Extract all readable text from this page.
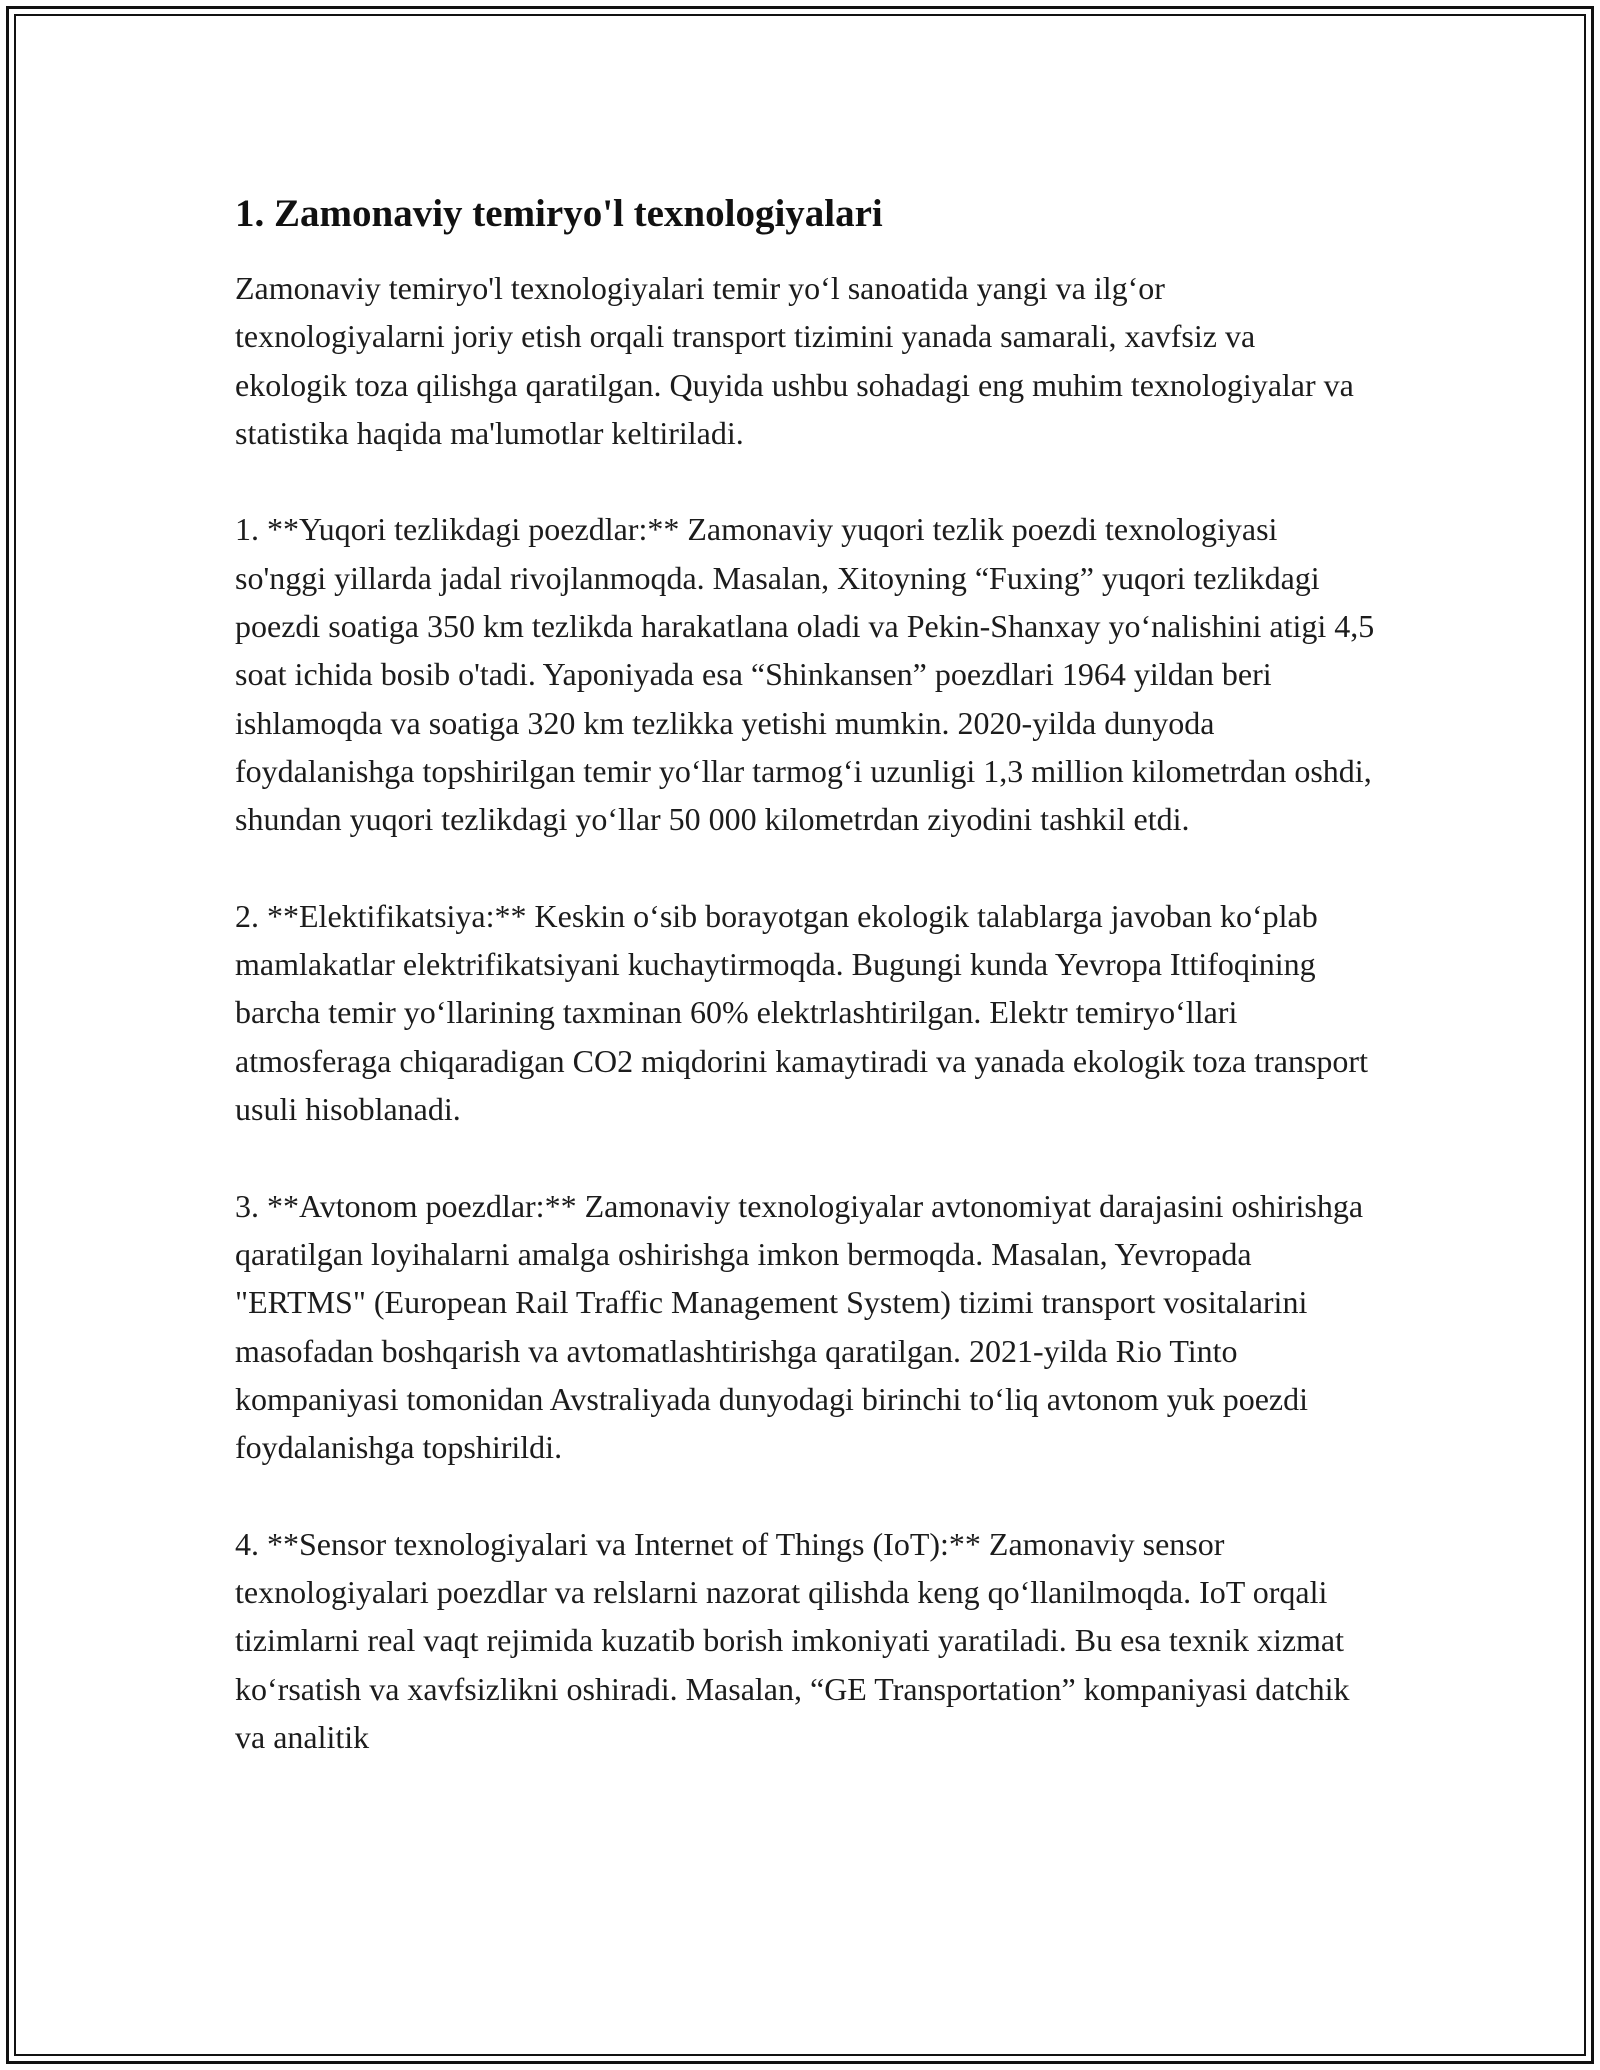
1. Zamonaviy temiryo'l texnologiyalari

Zamonaviy temiryo'l texnologiyalari temir yo‘l sanoatida yangi va ilg‘or texnologiyalarni joriy etish orqali transport tizimini yanada samarali, xavfsiz va ekologik toza qilishga qaratilgan. Quyida ushbu sohadagi eng muhim texnologiyalar va statistika haqida ma'lumotlar keltiriladi.

1. **Yuqori tezlikdagi poezdlar:** Zamonaviy yuqori tezlik poezdi texnologiyasi so'nggi yillarda jadal rivojlanmoqda. Masalan, Xitoyning “Fuxing” yuqori tezlikdagi poezdi soatiga 350 km tezlikda harakatlana oladi va Pekin-Shanxay yo‘nalishini atigi 4,5 soat ichida bosib o'tadi. Yaponiyada esa “Shinkansen” poezdlari 1964 yildan beri ishlamoqda va soatiga 320 km tezlikka yetishi mumkin. 2020-yilda dunyoda foydalanishga topshirilgan temir yo‘llar tarmog‘i uzunligi 1,3 million kilometrdan oshdi, shundan yuqori tezlikdagi yo‘llar 50 000 kilometrdan ziyodini tashkil etdi.

2. **Elektifikatsiya:** Keskin o‘sib borayotgan ekologik talablarga javoban ko‘plab mamlakatlar elektrifikatsiyani kuchaytirmoqda. Bugungi kunda Yevropa Ittifoqining barcha temir yo‘llarining taxminan 60% elektrlashtirilgan. Elektr temiryo‘llari atmosferaga chiqaradigan CO2 miqdorini kamaytiradi va yanada ekologik toza transport usuli hisoblanadi.

3. **Avtonom poezdlar:** Zamonaviy texnologiyalar avtonomiyat darajasini oshirishga qaratilgan loyihalarni amalga oshirishga imkon bermoqda. Masalan, Yevropada "ERTMS" (European Rail Traffic Management System) tizimi transport vositalarini masofadan boshqarish va avtomatlashtirishga qaratilgan. 2021-yilda Rio Tinto kompaniyasi tomonidan Avstraliyada dunyodagi birinchi to‘liq avtonom yuk poezdi foydalanishga topshirildi.

4. **Sensor texnologiyalari va Internet of Things (IoT):** Zamonaviy sensor texnologiyalari poezdlar va relslarni nazorat qilishda keng qo‘llanilmoqda. IoT orqali tizimlarni real vaqt rejimida kuzatib borish imkoniyati yaratiladi. Bu esa texnik xizmat ko‘rsatish va xavfsizlikni oshiradi. Masalan, “GE Transportation” kompaniyasi datchik va analitik
